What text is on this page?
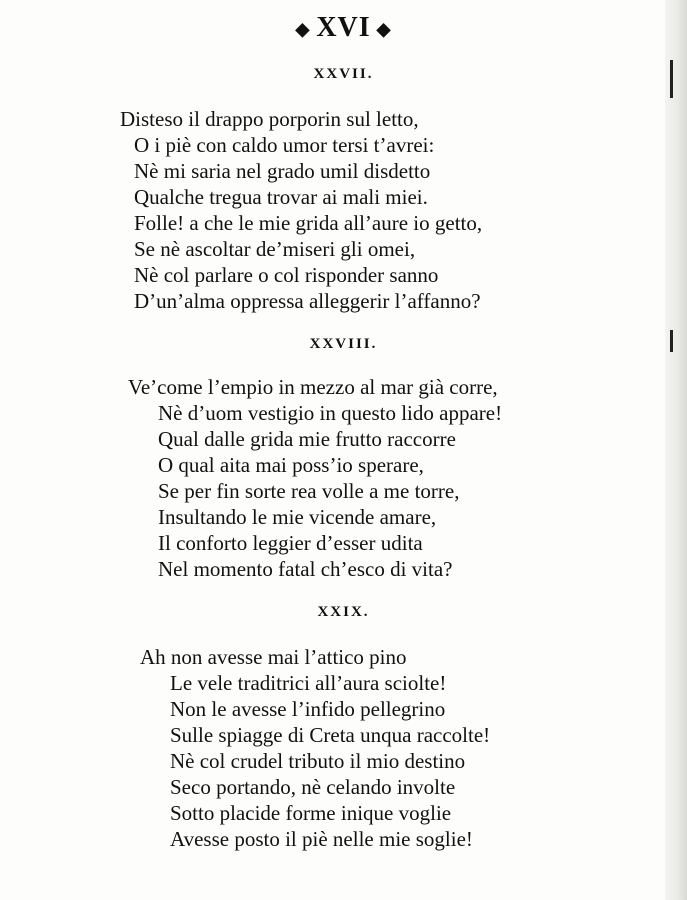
◆ XVI ◆
XXVII.
Disteso il drappo porporin sul letto,
O i piè con caldo umor tersi t’avrei:
Nè mi saria nel grado umil disdetto
Qualche tregua trovar ai mali miei.
Folle! a che le mie grida all’aure io getto,
Se nè ascoltar de’miseri gli omei,
Nè col parlare o col risponder sanno
D’un’alma oppressa alleggerir l’affanno?
XXVIII.
Ve’come l’empio in mezzo al mar già corre,
Nè d’uom vestigio in questo lido appare!
Qual dalle grida mie frutto raccorre
O qual aita mai poss’io sperare,
Se per fin sorte rea volle a me torre,
Insultando le mie vicende amare,
Il conforto leggier d’esser udita
Nel momento fatal ch’esco di vita?
XXIX.
Ah non avesse mai l’attico pino
Le vele traditrici all’aura sciolte!
Non le avesse l’infido pellegrino
Sulle spiagge di Creta unqua raccolte!
Nè col crudel tributo il mio destino
Seco portando, nè celando involte
Sotto placide forme inique voglie
Avesse posto il piè nelle mie soglie!
